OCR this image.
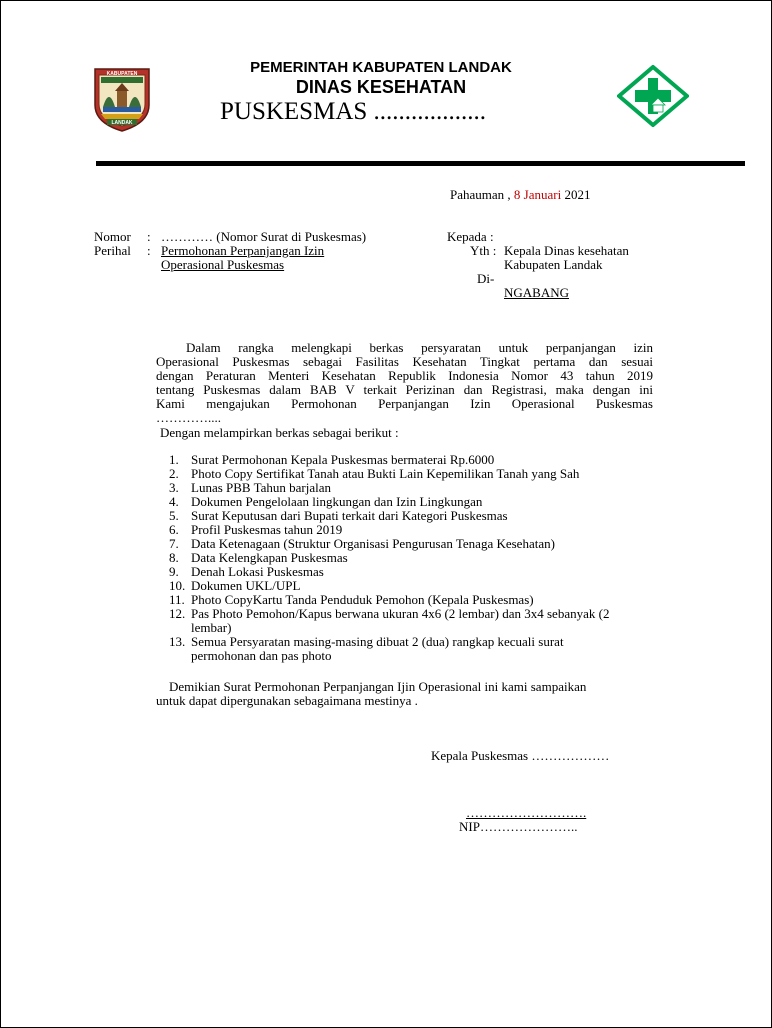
KABUPATEN
LANDAK
PEMERINTAH KABUPATEN LANDAK
DINAS KESEHATAN
PUSKESMAS ..................
Pahauman , 8 Januari 2021
Nomor : ………… (Nomor Surat di Puskesmas)
Perihal : Permohonan Perpanjangan Izin
Operasional Puskesmas
Kepada :
Yth : Kepala Dinas kesehatan
Kabupaten Landak
Di-
NGABANG
Dalam rangka melengkapi berkas persyaratan untuk perpanjangan izin
Operasional Puskesmas sebagai Fasilitas Kesehatan Tingkat pertama dan sesuai
dengan Peraturan Menteri Kesehatan Republik Indonesia Nomor 43 tahun 2019
tentang Puskesmas dalam BAB V terkait Perizinan dan Registrasi, maka dengan ini
Kami mengajukan Permohonan Perpanjangan Izin Operasional Puskesmas
…………....
Dengan melampirkan berkas sebagai berikut :
1. Surat Permohonan Kepala Puskesmas bermaterai Rp.6000
2. Photo Copy Sertifikat Tanah atau Bukti Lain Kepemilikan Tanah yang Sah
3. Lunas PBB Tahun barjalan
4. Dokumen Pengelolaan lingkungan dan Izin Lingkungan
5. Surat Keputusan dari Bupati terkait dari Kategori Puskesmas
6. Profil Puskesmas tahun 2019
7. Data Ketenagaan (Struktur Organisasi Pengurusan Tenaga Kesehatan)
8. Data Kelengkapan Puskesmas
9. Denah Lokasi Puskesmas
10. Dokumen UKL/UPL
11. Photo CopyKartu Tanda Penduduk Pemohon (Kepala Puskesmas)
12. Pas Photo Pemohon/Kapus berwana ukuran 4x6 (2 lembar) dan 3x4 sebanyak (2
lembar)
13. Semua Persyaratan masing-masing dibuat 2 (dua) rangkap kecuali surat
permohonan dan pas photo
Demikian Surat Permohonan Perpanjangan Ijin Operasional ini kami sampaikan
untuk dapat dipergunakan sebagaimana mestinya .
Kepala Puskesmas ………………
……………………….
NIP…………………..
